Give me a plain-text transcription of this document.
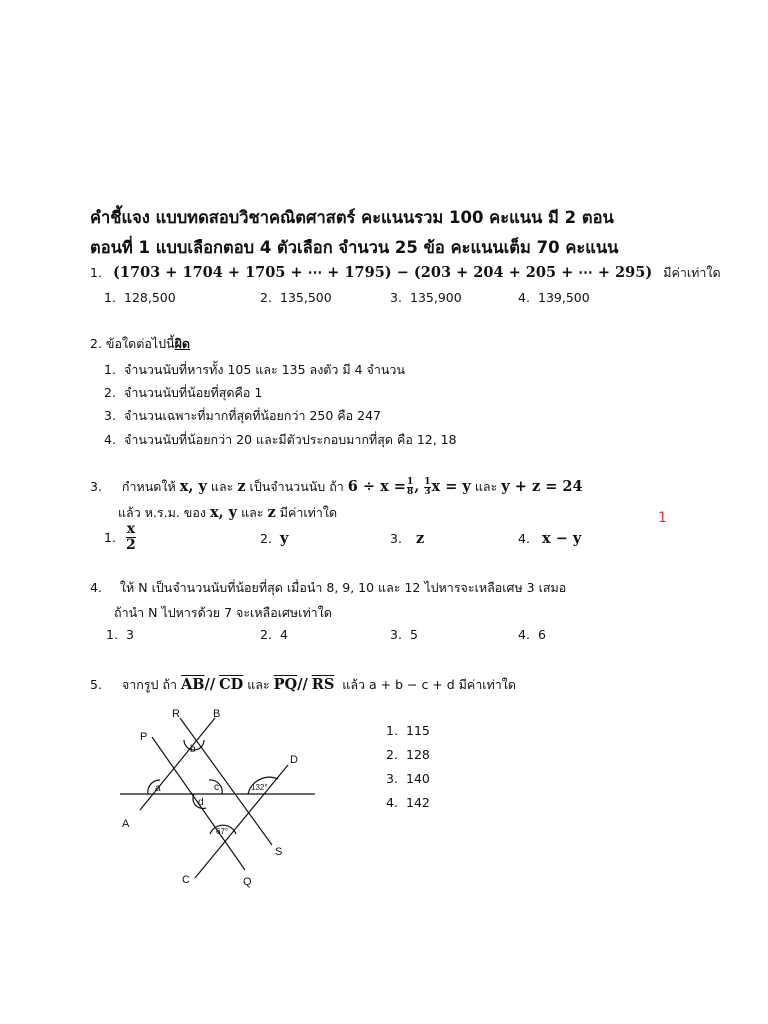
คำชี้แจง แบบทดสอบวิชาคณิตศาสตร์ คะแนนรวม 100 คะแนน มี 2 ตอน
ตอนที่ 1 แบบเลือกตอบ 4 ตัวเลือก จำนวน 25 ข้อ คะแนนเต็ม 70 คะแนน
1. (1703 + 1704 + 1705 + ⋯ + 1795) − (203 + 204 + 205 + ⋯ + 295) มีค่าเท่าใด
1. 128,500	2. 135,500	3. 135,900	4. 139,500
2. ข้อใดต่อไปนี้ผิด
1. จำนวนนับที่หารทั้ง 105 และ 135 ลงตัว มี 4 จำนวน
2. จำนวนนับที่น้อยที่สุดคือ 1
3. จำนวนเฉพาะที่มากที่สุดที่น้อยกว่า 250 คือ 247
4. จำนวนนับที่น้อยกว่า 20 และมีตัวประกอบมากที่สุด คือ 12, 18
3. กำหนดให้ x, y และ z เป็นจำนวนนับ ถ้า $6 \div x = \frac{1}{8}$ , $\frac{1}{3}$ x = y และ y + z = 24
แล้ว ห.ร.ม. ของ x, y และ z มีค่าเท่าใด
1. $\frac{x}{2}$	2. y	3. z	4. x − y
1
4. ให้ N เป็นจำนวนนับที่น้อยที่สุด เมื่อนำ 8, 9, 10 และ 12 ไปหารจะเหลือเศษ 3 เสมอ
ถ้านำ N ไปหารด้วย 7 จะเหลือเศษเท่าใด
1. 3	2. 4	3. 5	4. 6
5. จากรูป ถ้า $\overline{AB}//$ $\overline{CD}$ และ $\overline{PQ}//$ $\overline{RS}$ แล้ว a + b − c + d มีค่าเท่าใด
R	B
P
D
A
S
C	Q
a
b
c
d
132°
67°
1. 115
2. 128
3. 140
4. 142
